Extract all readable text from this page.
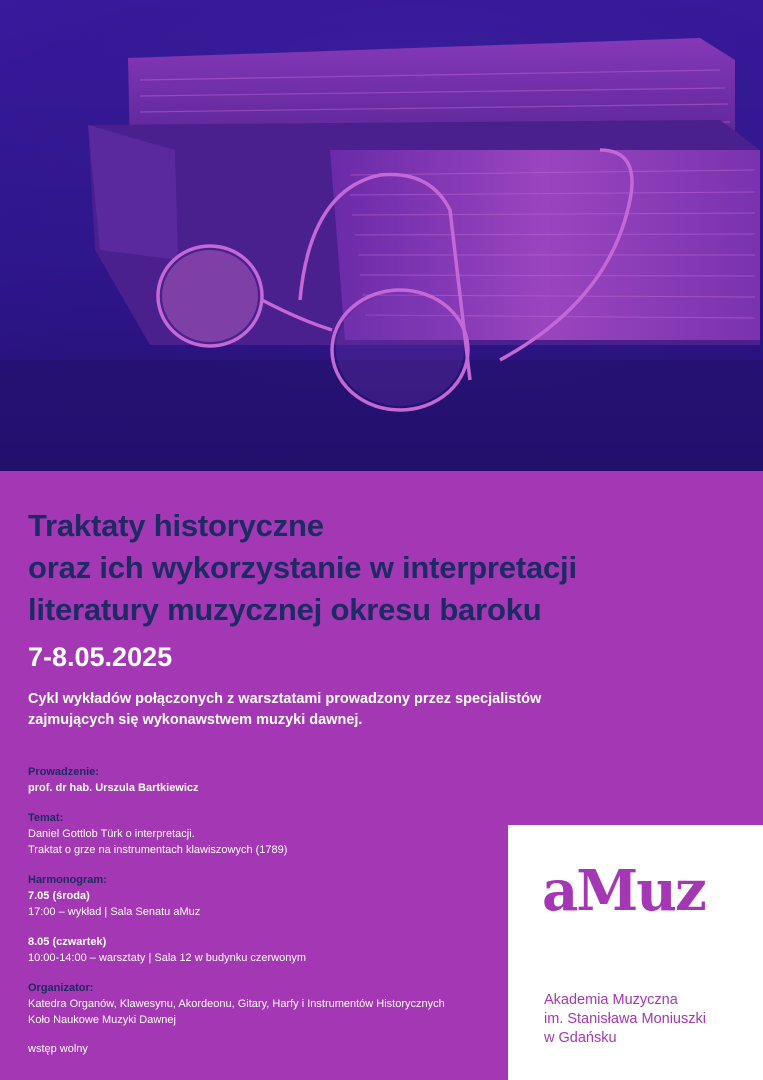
Traktaty historyczne
oraz ich wykorzystanie w interpretacji
literatury muzycznej okresu baroku
7-8.05.2025
Cykl wykładów połączonych z warsztatami prowadzony przez specjalistów
zajmujących się wykonawstwem muzyki dawnej.
Prowadzenie:
prof. dr hab. Urszula Bartkiewicz
Temat:
Daniel Gottlob Türk o interpretacji.
Traktat o grze na instrumentach klawiszowych (1789)
Harmonogram:
7.05 (środa)
17:00 – wykład | Sala Senatu aMuz
8.05 (czwartek)
10:00-14:00 – warsztaty | Sala 12 w budynku czerwonym
Organizator:
Katedra Organów, Klawesynu, Akordeonu, Gitary, Harfy i Instrumentów Historycznych
Koło Naukowe Muzyki Dawnej
wstęp wolny
aMuz
Akademia Muzyczna
im. Stanisława Moniuszki
w Gdańsku
